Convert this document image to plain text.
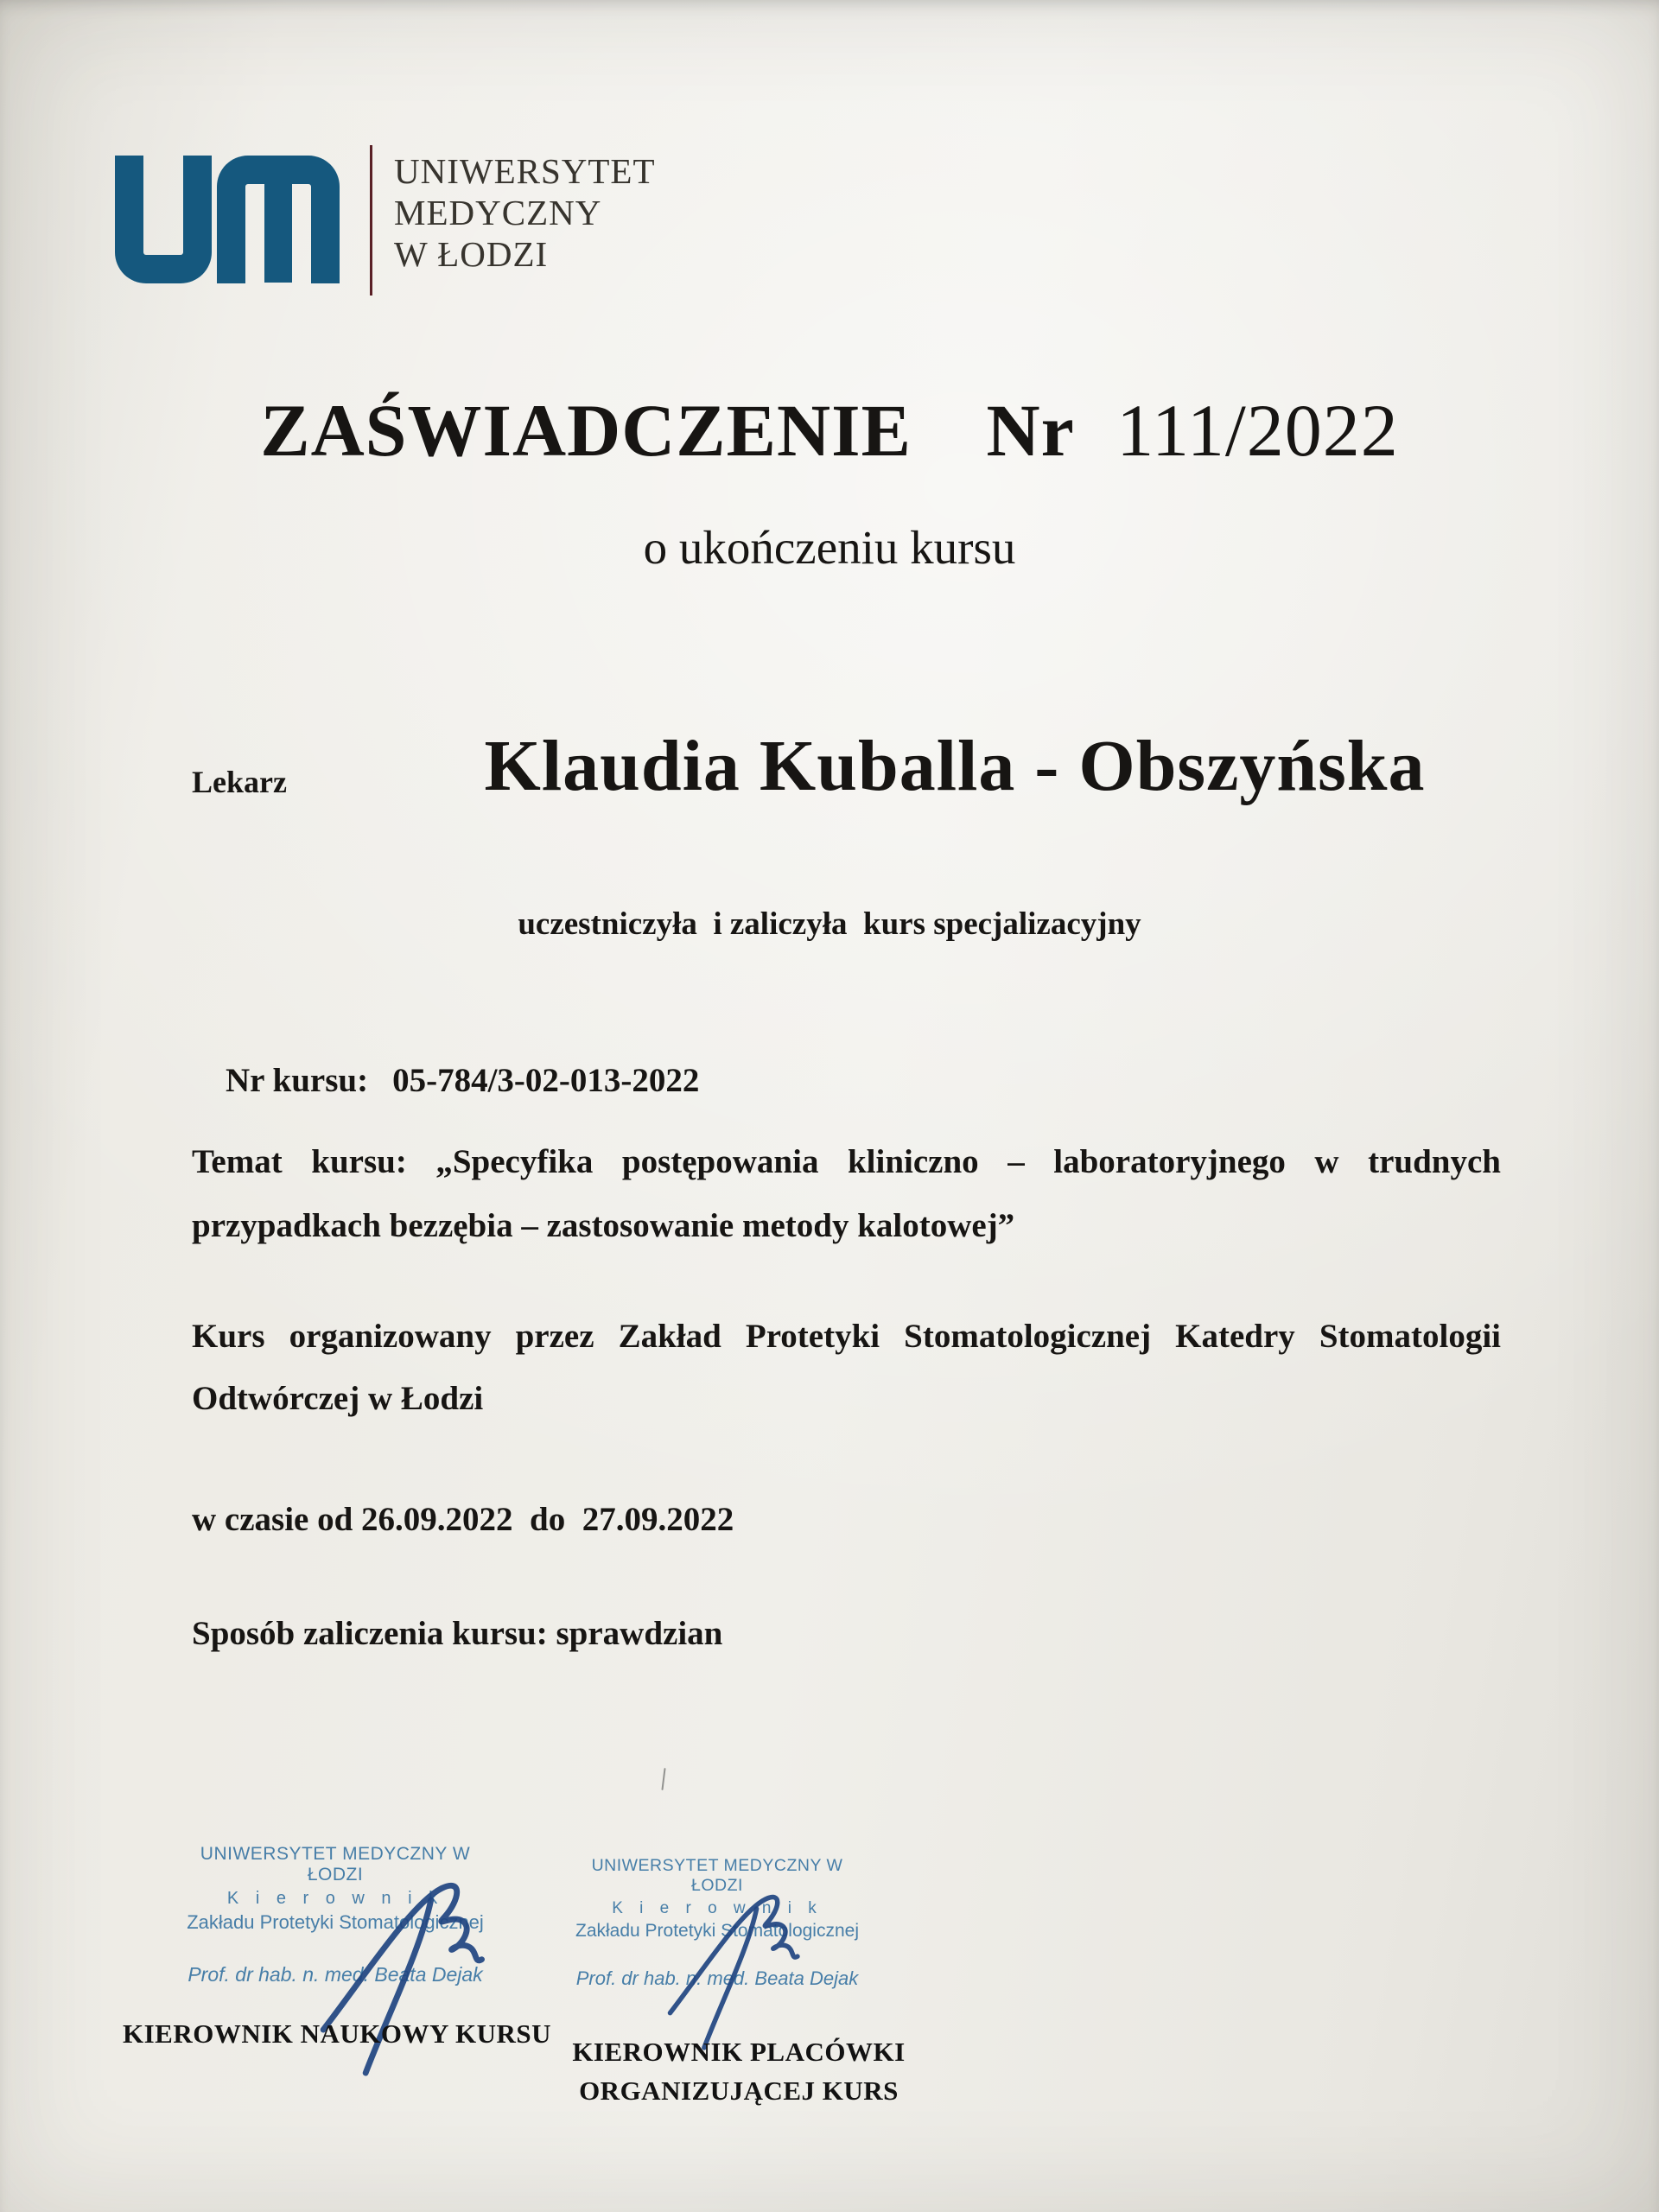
UNIWERSYTET
MEDYCZNY
W ŁODZI
ZAŚWIADCZENIE Nr 111/2022
o ukończeniu kursu
Lekarz	Klaudia Kuballa - Obszyńska
uczestniczyła  i zaliczyła  kurs specjalizacyjny

Nr kursu: 05-784/3-02-013-2022

Temat kursu: „Specyfika postępowania kliniczno – laboratoryjnego w trudnych
przypadkach bezzębia – zastosowanie metody kalotowej”
Kurs organizowany przez Zakład Protetyki Stomatologicznej Katedry Stomatologii
Odtwórczej w Łodzi
w czasie od 26.09.2022  do  27.09.2022
Sposób zaliczenia kursu: sprawdzian
UNIWERSYTET MEDYCZNY W ŁODZI
K i e r o w n i k
Zakładu Protetyki Stomatologicznej
Prof. dr hab. n. med. Beata Dejak
KIEROWNIK NAUKOWY KURSU
UNIWERSYTET MEDYCZNY W ŁODZI
K i e r o w n i k
Zakładu Protetyki Stomatologicznej
Prof. dr hab. n. med. Beata Dejak
KIEROWNIK PLACÓWKI
ORGANIZUJĄCEJ KURS
